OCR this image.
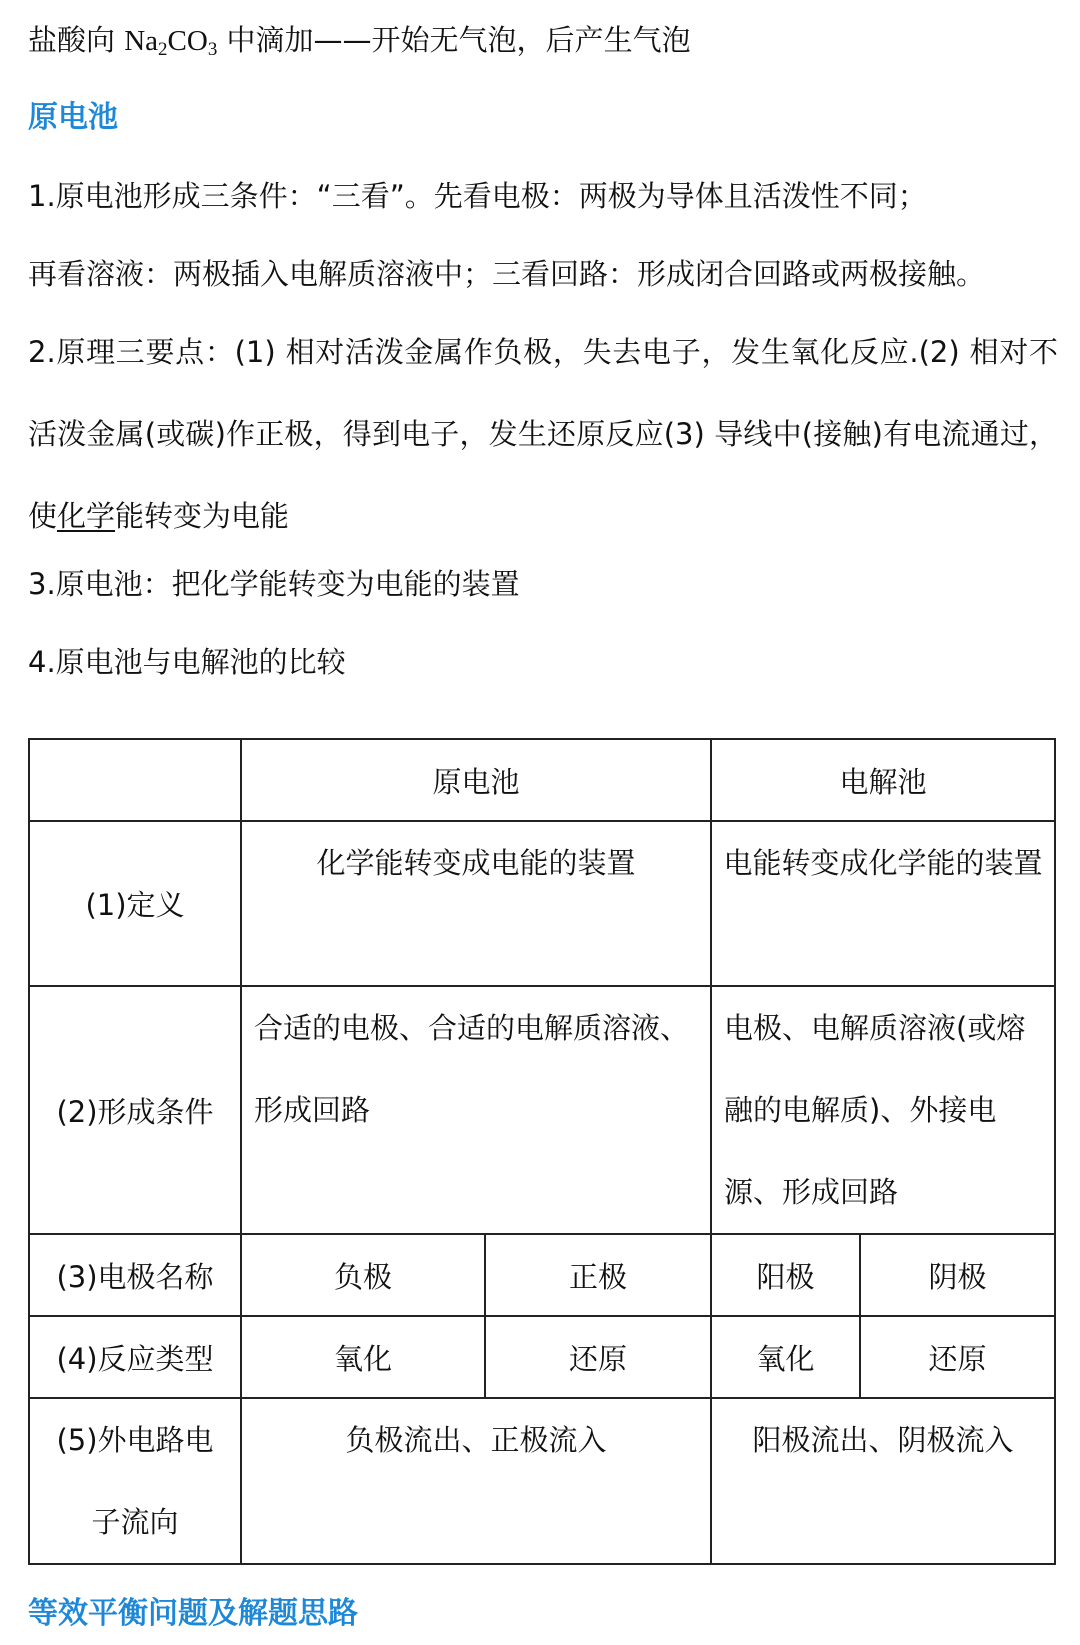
盐酸向 $Na_2CO_3$ 中滴加——开始无气泡，后产生气泡
原电池
1.原电池形成三条件：“三看”。先看电极：两极为导体且活泼性不同；
再看溶液：两极插入电解质溶液中；三看回路：形成闭合回路或两极接触。
2.原理三要点：(1) 相对活泼金属作负极，失去电子，发生氧化反应.(2) 相对不活泼金属(或碳)作正极，得到电子，发生还原反应(3) 导线中(接触)有电流通过，使化学能转变为电能
3.原电池：把化学能转变为电能的装置
4.原电池与电解池的比较
	原电池		电解池	
(1)定义	化学能转变成电能的装置		电能转变成化学能的装置	
(2)形成条件	合适的电极、合适的电解质溶液、形成回路		电极、电解质溶液(或熔融的电解质)、外接电源、形成回路	
(3)电极名称	负极	正极	阳极	阴极
(4)反应类型	氧化	还原	氧化	还原
(5)外电路电子流向	负极流出、正极流入		阳极流出、阴极流入	
等效平衡问题及解题思路
